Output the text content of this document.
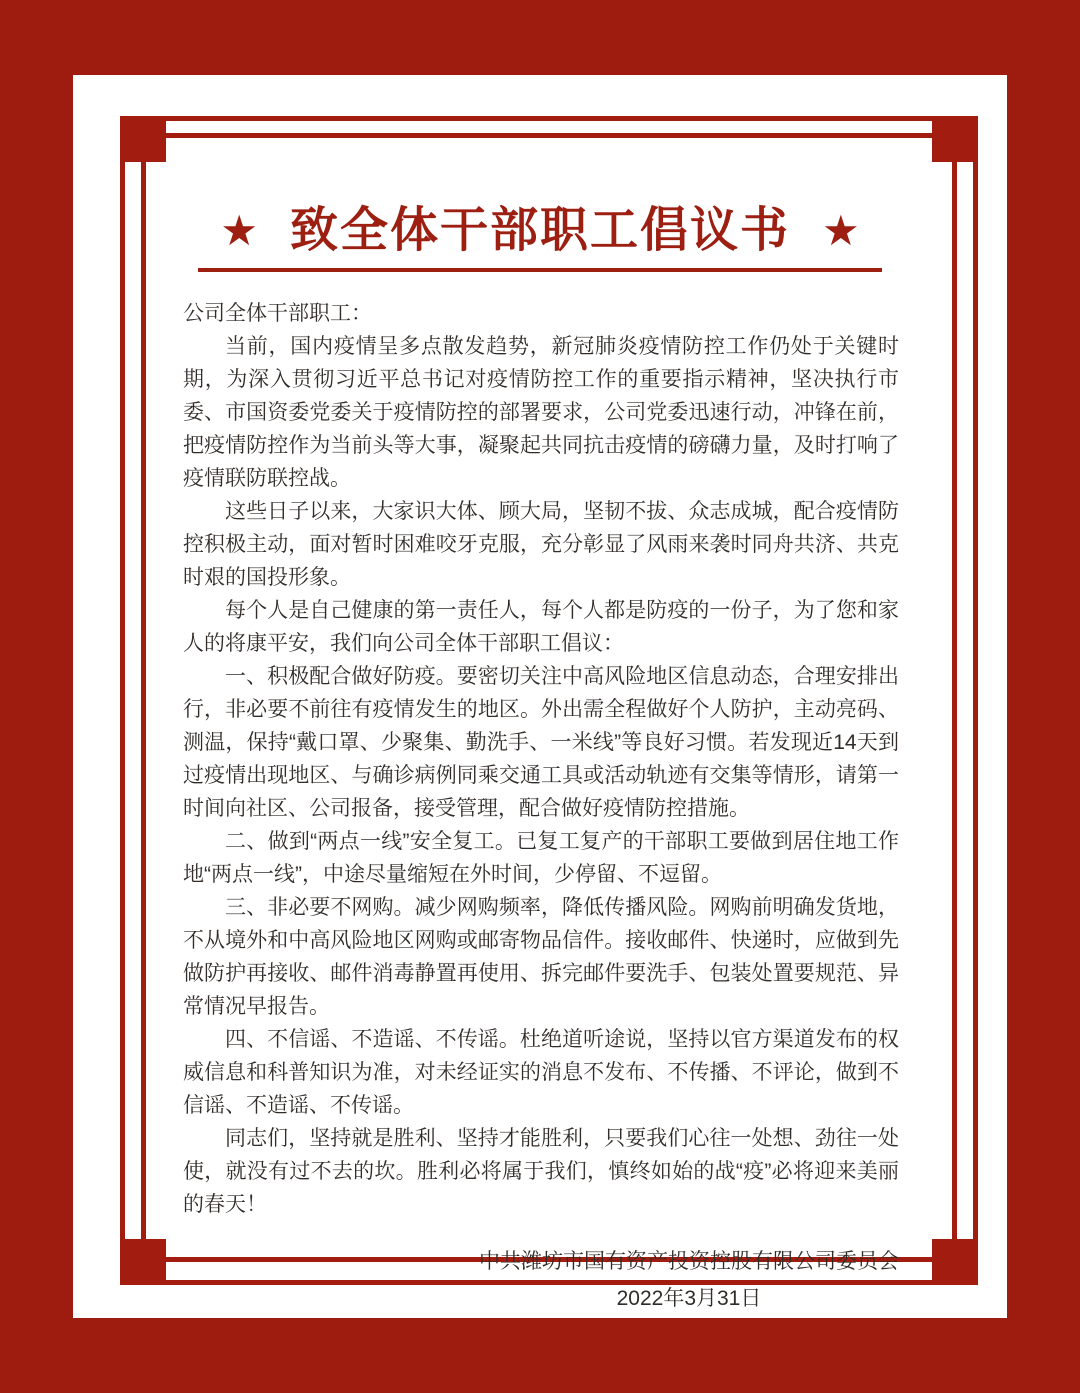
★ 致全体干部职工倡议书 ★

公司全体干部职工：

当前，国内疫情呈多点散发趋势，新冠肺炎疫情防控工作仍处于关键时期，为深入贯彻习近平总书记对疫情防控工作的重要指示精神，坚决执行市委、市国资委党委关于疫情防控的部署要求，公司党委迅速行动，冲锋在前，把疫情防控作为当前头等大事，凝聚起共同抗击疫情的磅礴力量，及时打响了疫情联防联控战。

这些日子以来，大家识大体、顾大局，坚韧不拔、众志成城，配合疫情防控积极主动，面对暂时困难咬牙克服，充分彰显了风雨来袭时同舟共济、共克时艰的国投形象。

每个人是自己健康的第一责任人，每个人都是防疫的一份子，为了您和家人的将康平安，我们向公司全体干部职工倡议：

一、积极配合做好防疫。要密切关注中高风险地区信息动态，合理安排出行，非必要不前往有疫情发生的地区。外出需全程做好个人防护，主动亮码、测温，保持“戴口罩、少聚集、勤洗手、一米线”等良好习惯。若发现近14天到过疫情出现地区、与确诊病例同乘交通工具或活动轨迹有交集等情形，请第一时间向社区、公司报备，接受管理，配合做好疫情防控措施。

二、做到“两点一线”安全复工。已复工复产的干部职工要做到居住地工作地“两点一线”，中途尽量缩短在外时间，少停留、不逗留。

三、非必要不网购。减少网购频率，降低传播风险。网购前明确发货地，不从境外和中高风险地区网购或邮寄物品信件。接收邮件、快递时，应做到先做防护再接收、邮件消毒静置再使用、拆完邮件要洗手、包装处置要规范、异常情况早报告。

四、不信谣、不造谣、不传谣。杜绝道听途说，坚持以官方渠道发布的权威信息和科普知识为准，对未经证实的消息不发布、不传播、不评论，做到不信谣、不造谣、不传谣。

同志们，坚持就是胜利、坚持才能胜利，只要我们心往一处想、劲往一处使，就没有过不去的坎。胜利必将属于我们，慎终如始的战“疫”必将迎来美丽的春天！

中共潍坊市国有资产投资控股有限公司委员会
2022年3月31日
